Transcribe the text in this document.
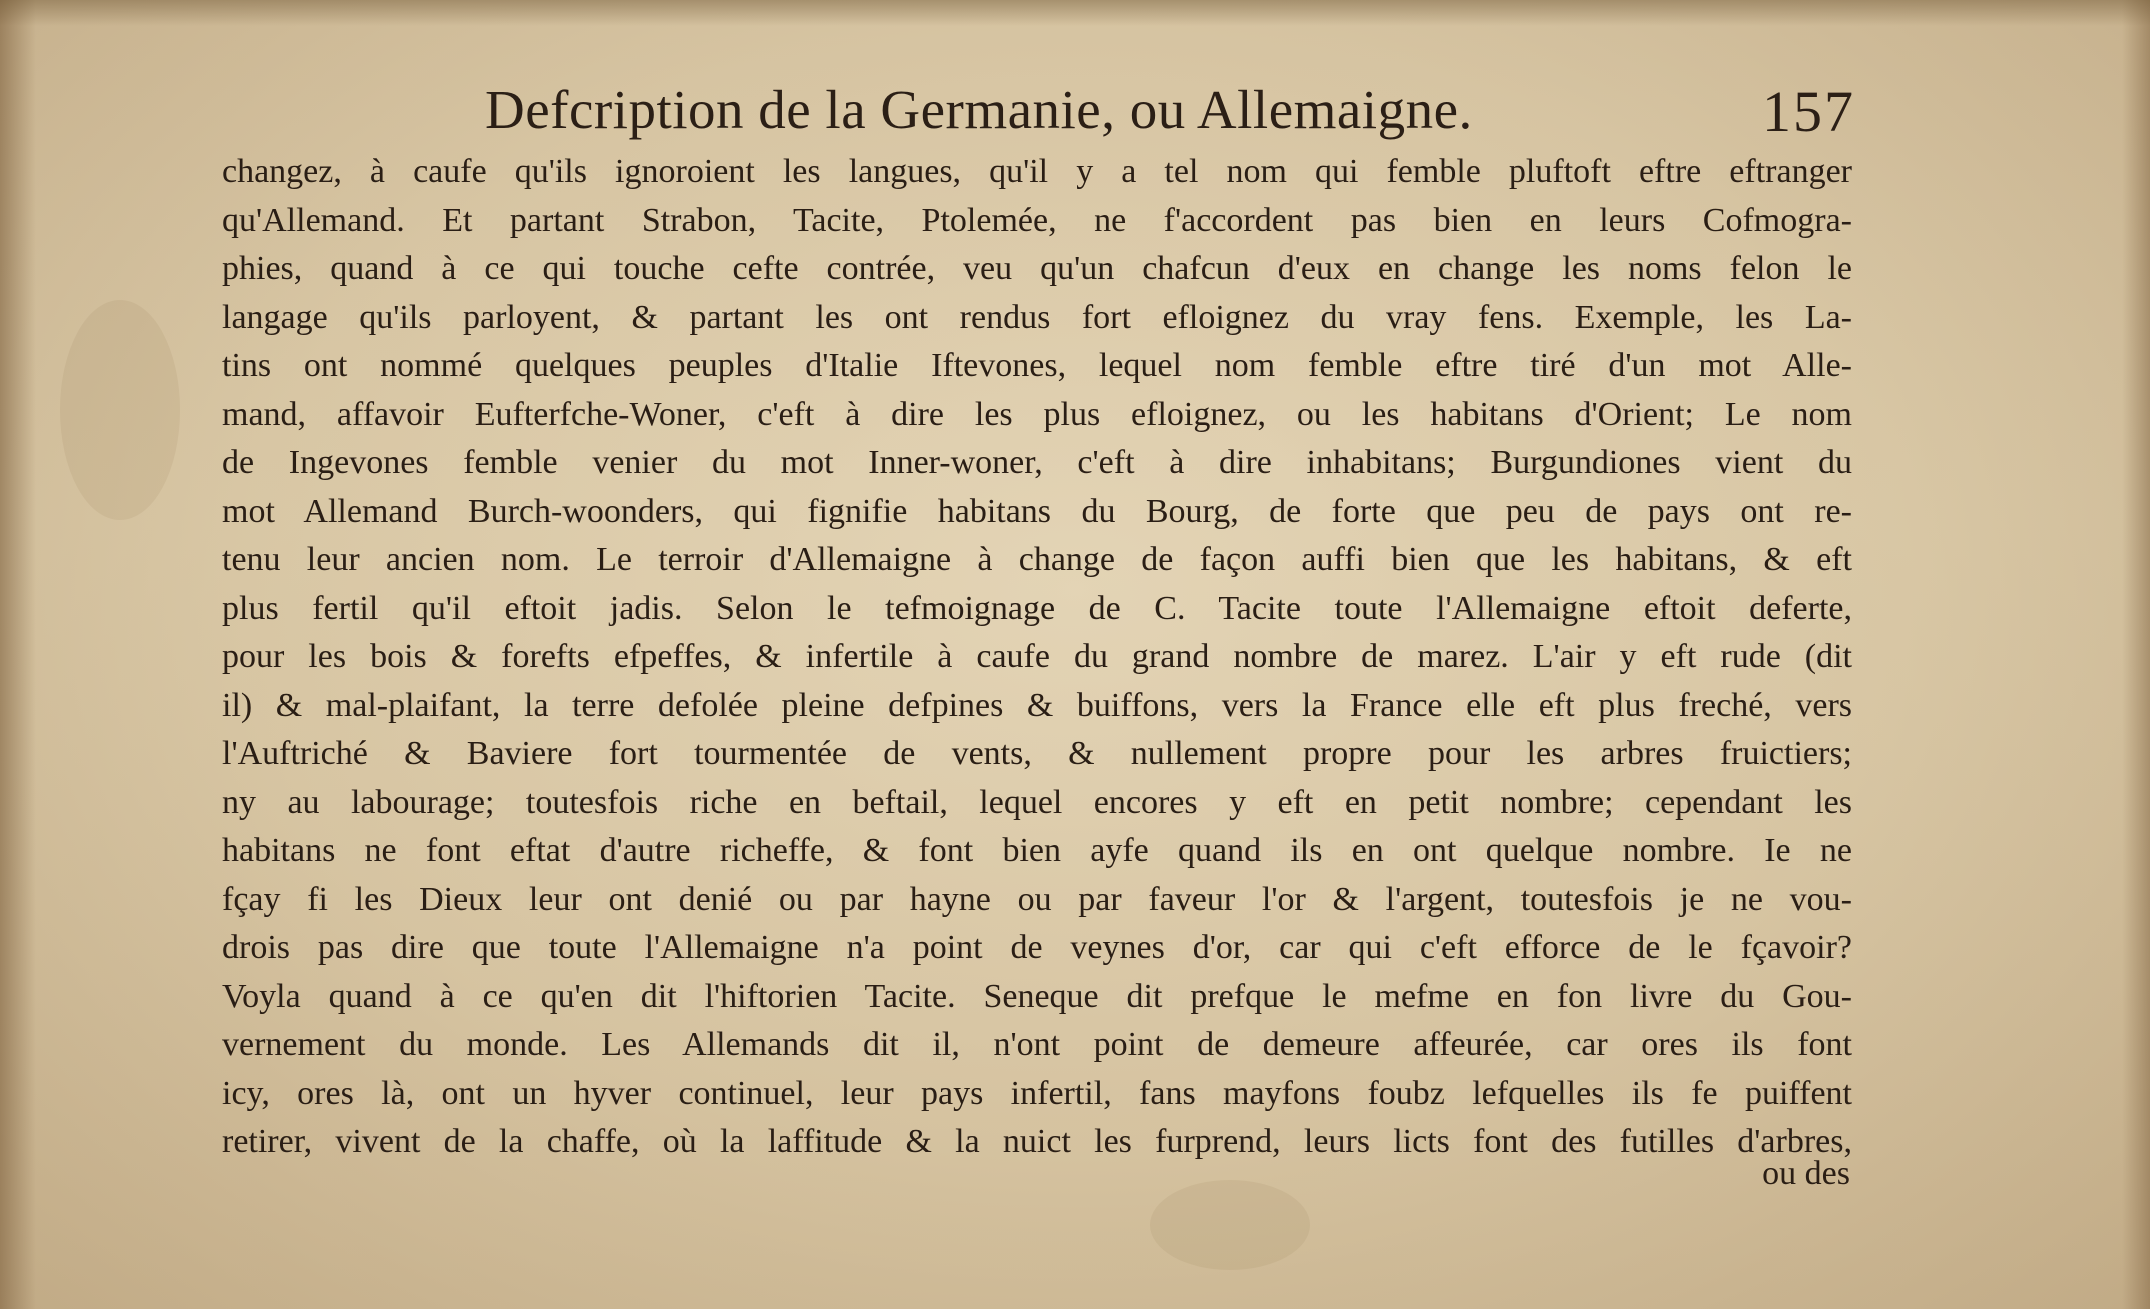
Defcription de la Germanie, ou Allemaigne.	157
changez, à caufe qu'ils ignoroient les langues, qu'il y a tel nom qui femble pluftoft eftre eftranger
qu'Allemand. Et partant Strabon, Tacite, Ptolemée, ne f'accordent pas bien en leurs Cofmogra-
phies, quand à ce qui touche cefte contrée, veu qu'un chafcun d'eux en change les noms felon le
langage qu'ils parloyent, & partant les ont rendus fort efloignez du vray fens. Exemple, les La-
tins ont nommé quelques peuples d'Italie Iftevones, lequel nom femble eftre tiré d'un mot Alle-
mand, affavoir Eufterfche-Woner, c'eft à dire les plus efloignez, ou les habitans d'Orient; Le nom
de Ingevones femble venier du mot Inner-woner, c'eft à dire inhabitans; Burgundiones vient du
mot Allemand Burch-woonders, qui fignifie habitans du Bourg, de forte que peu de pays ont re-
tenu leur ancien nom. Le terroir d'Allemaigne à change de façon auffi bien que les habitans, & eft
plus fertil qu'il eftoit jadis. Selon le tefmoignage de C. Tacite toute l'Allemaigne eftoit deferte,
pour les bois & forefts efpeffes, & infertile à caufe du grand nombre de marez. L'air y eft rude (dit
il) & mal-plaifant, la terre defolée pleine defpines & buiffons, vers la France elle eft plus freché, vers
l'Auftriché & Baviere fort tourmentée de vents, & nullement propre pour les arbres fruictiers;
ny au labourage; toutesfois riche en beftail, lequel encores y eft en petit nombre; cependant les
habitans ne font eftat d'autre richeffe, & font bien ayfe quand ils en ont quelque nombre. Ie ne
fçay fi les Dieux leur ont denié ou par hayne ou par faveur l'or & l'argent, toutesfois je ne vou-
drois pas dire que toute l'Allemaigne n'a point de veynes d'or, car qui c'eft efforce de le fçavoir?
Voyla quand à ce qu'en dit l'hiftorien Tacite. Seneque dit prefque le mefme en fon livre du Gou-
vernement du monde. Les Allemands dit il, n'ont point de demeure affeurée, car ores ils font
icy, ores là, ont un hyver continuel, leur pays infertil, fans mayfons foubz lefquelles ils fe puiffent
retirer, vivent de la chaffe, où la laffitude & la nuict les furprend, leurs licts font des futilles d'arbres,
ou des
